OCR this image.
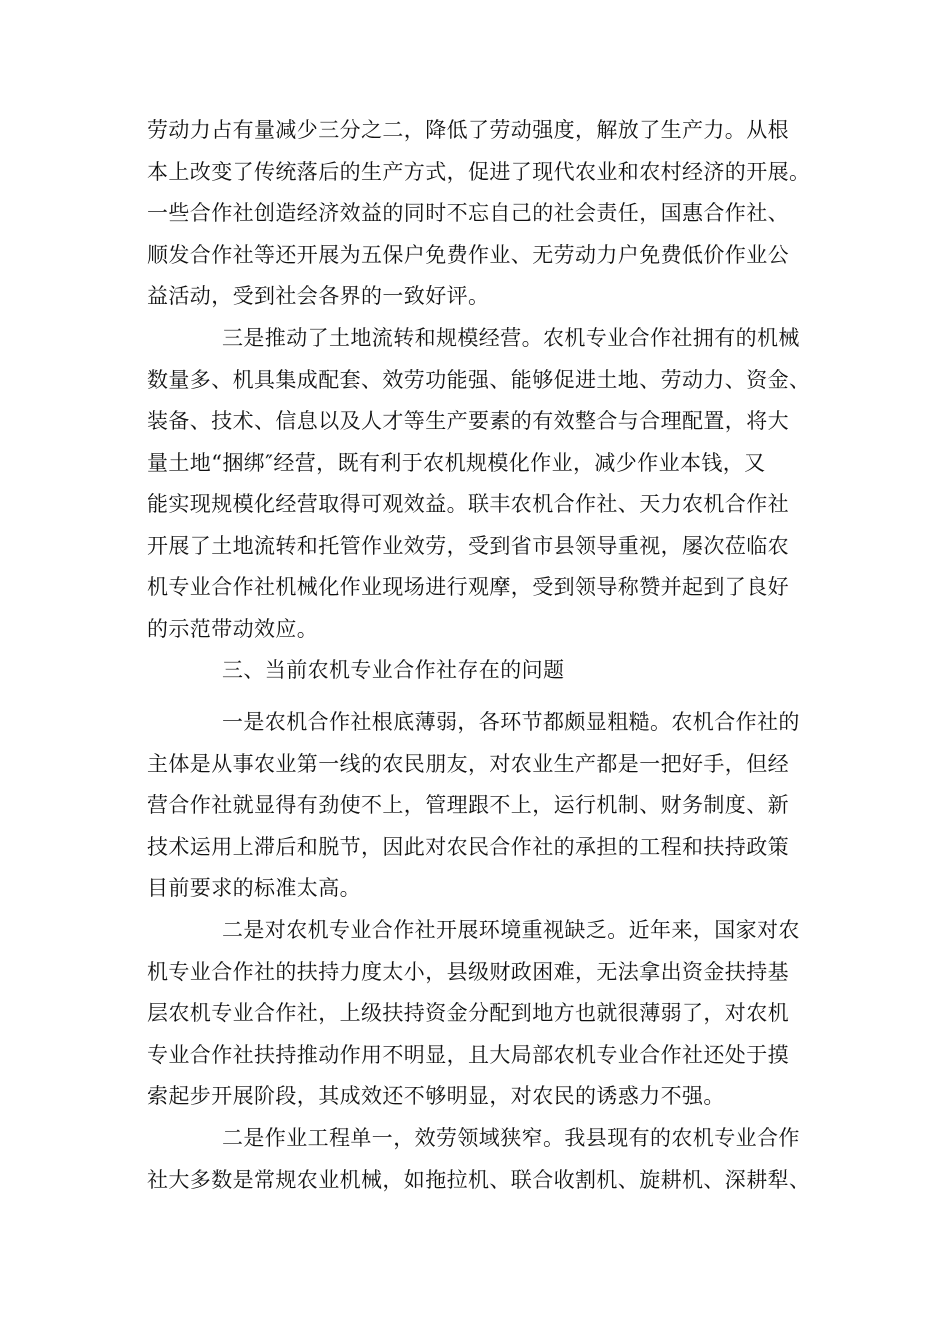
劳动力占有量减少三分之二，降低了劳动强度，解放了生产力。从根
本上改变了传统落后的生产方式，促进了现代农业和农村经济的开展。
一些合作社创造经济效益的同时不忘自己的社会责任，国惠合作社、
顺发合作社等还开展为五保户免费作业、无劳动力户免费低价作业公
益活动，受到社会各界的一致好评。
三是推动了土地流转和规模经营。农机专业合作社拥有的机械
数量多、机具集成配套、效劳功能强、能够促进土地、劳动力、资金、
装备、技术、信息以及人才等生产要素的有效整合与合理配置，将大
量土地“捆绑″经营，既有利于农机规模化作业，减少作业本钱，又
能实现规模化经营取得可观效益。联丰农机合作社、天力农机合作社
开展了土地流转和托管作业效劳，受到省市县领导重视，屡次莅临农
机专业合作社机械化作业现场进行观摩，受到领导称赞并起到了良好
的示范带动效应。
三、当前农机专业合作社存在的问题
一是农机合作社根底薄弱，各环节都颇显粗糙。农机合作社的
主体是从事农业第一线的农民朋友，对农业生产都是一把好手，但经
营合作社就显得有劲使不上，管理跟不上，运行机制、财务制度、新
技术运用上滞后和脱节，因此对农民合作社的承担的工程和扶持政策
目前要求的标准太高。
二是对农机专业合作社开展环境重视缺乏。近年来，国家对农
机专业合作社的扶持力度太小，县级财政困难，无法拿出资金扶持基
层农机专业合作社，上级扶持资金分配到地方也就很薄弱了，对农机
专业合作社扶持推动作用不明显，且大局部农机专业合作社还处于摸
索起步开展阶段，其成效还不够明显，对农民的诱惑力不强。
二是作业工程单一，效劳领域狭窄。我县现有的农机专业合作
社大多数是常规农业机械，如拖拉机、联合收割机、旋耕机、深耕犁、
